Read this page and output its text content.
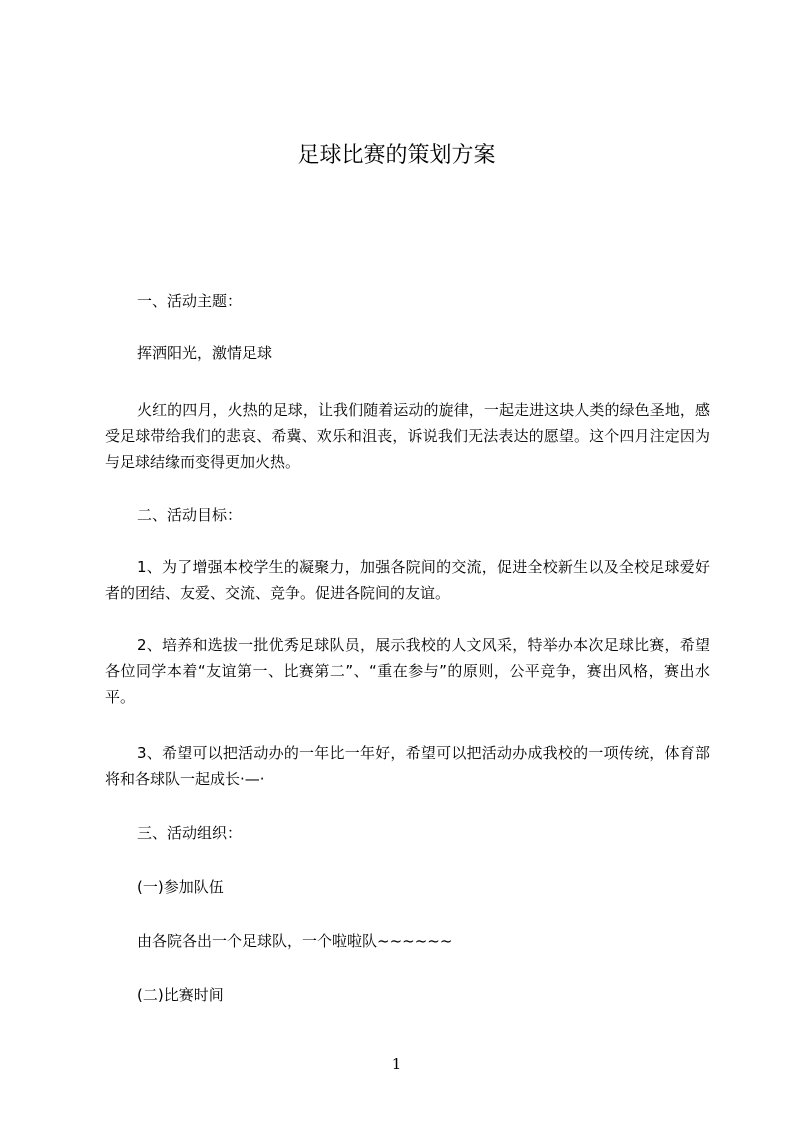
足球比赛的策划方案

一、活动主题：

挥洒阳光，激情足球

火红的四月，火热的足球，让我们随着运动的旋律，一起走进这块人类的绿色圣地，感受足球带给我们的悲哀、希冀、欢乐和沮丧，诉说我们无法表达的愿望。这个四月注定因为与足球结缘而变得更加火热。

二、活动目标：

1、为了增强本校学生的凝聚力，加强各院间的交流，促进全校新生以及全校足球爱好者的团结、友爱、交流、竞争。促进各院间的友谊。

2、培养和选拔一批优秀足球队员，展示我校的人文风采，特举办本次足球比赛，希望各位同学本着“友谊第一、比赛第二”、“重在参与”的原则，公平竞争，赛出风格，赛出水平。

3、希望可以把活动办的一年比一年好，希望可以把活动办成我校的一项传统，体育部将和各球队一起成长·—·

三、活动组织：

(一)参加队伍

由各院各出一个足球队，一个啦啦队~~~~~~

(二)比赛时间

1
